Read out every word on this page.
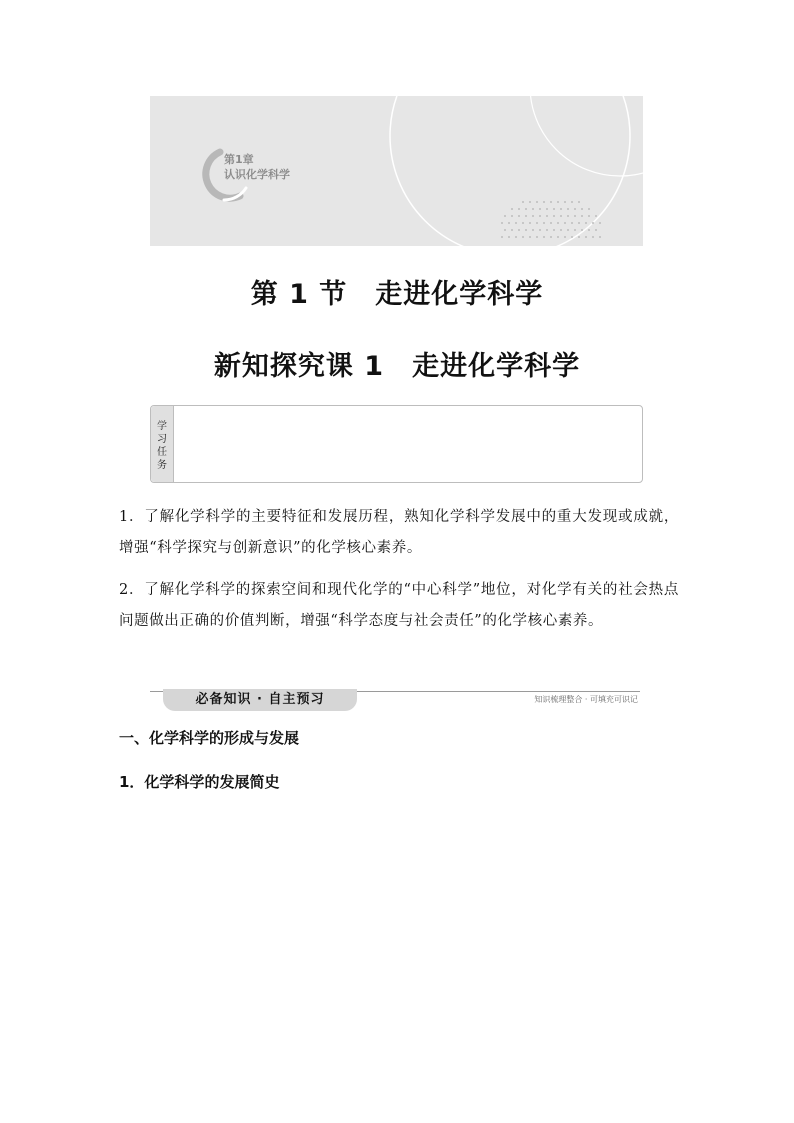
第1章
认识化学科学
第 1 节　走进化学科学
新知探究课 1　走进化学科学
学习任务
1．了解化学科学的主要特征和发展历程，熟知化学科学发展中的重大发现或成就，增强“科学探究与创新意识”的化学核心素养。
2．了解化学科学的探索空间和现代化学的“中心科学”地位，对化学有关的社会热点问题做出正确的价值判断，增强“科学态度与社会责任”的化学核心素养。
必备知识 · 自主预习	知识梳理整合 · 可填充可识记
一、化学科学的形成与发展
1．化学科学的发展简史
